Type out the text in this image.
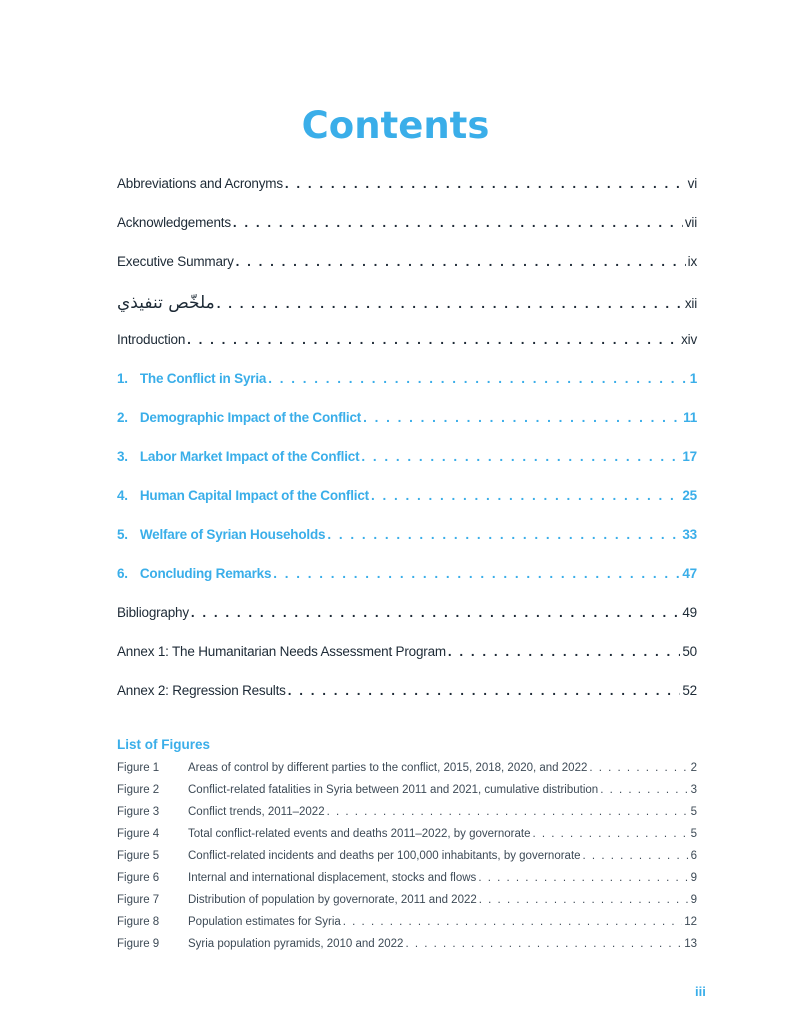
Contents
Abbreviations and Acronyms . . .	vi
Acknowledgements . . .	vii
Executive Summary . . .	ix
ملخّص تنفيذي . . .	xii
Introduction . . .	xiv
1. The Conflict in Syria . . .	1
2. Demographic Impact of the Conflict . . .	11
3. Labor Market Impact of the Conflict . . .	17
4. Human Capital Impact of the Conflict . . .	25
5. Welfare of Syrian Households . . .	33
6. Concluding Remarks . . .	47
Bibliography . . .	49
Annex 1: The Humanitarian Needs Assessment Program . . .	50
Annex 2: Regression Results . . .	52
List of Figures
Figure 1	Areas of control by different parties to the conflict, 2015, 2018, 2020, and 2022 . . .	2
Figure 2	Conflict-related fatalities in Syria between 2011 and 2021, cumulative distribution . . .	3
Figure 3	Conflict trends, 2011–2022 . . .	5
Figure 4	Total conflict-related events and deaths 2011–2022, by governorate . . .	5
Figure 5	Conflict-related incidents and deaths per 100,000 inhabitants, by governorate . . .	6
Figure 6	Internal and international displacement, stocks and flows . . .	9
Figure 7	Distribution of population by governorate, 2011 and 2022 . . .	9
Figure 8	Population estimates for Syria . . .	12
Figure 9	Syria population pyramids, 2010 and 2022 . . .	13
iii
